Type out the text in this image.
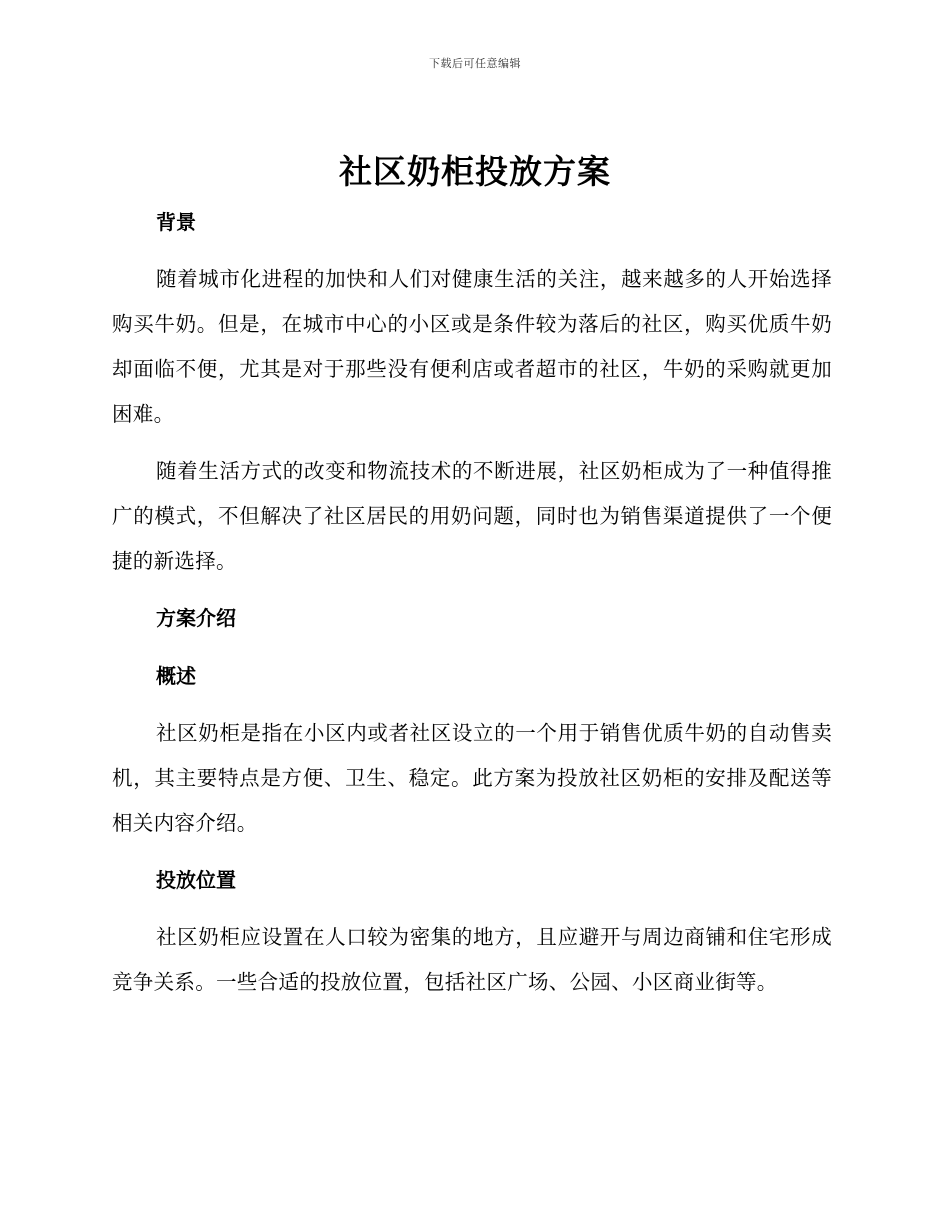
下载后可任意编辑
社区奶柜投放方案
背景

随着城市化进程的加快和人们对健康生活的关注，越来越多的人开始选择购买牛奶。但是，在城市中心的小区或是条件较为落后的社区，购买优质牛奶却面临不便，尤其是对于那些没有便利店或者超市的社区，牛奶的采购就更加困难。

随着生活方式的改变和物流技术的不断进展，社区奶柜成为了一种值得推广的模式，不但解决了社区居民的用奶问题，同时也为销售渠道提供了一个便捷的新选择。

方案介绍
概述

社区奶柜是指在小区内或者社区设立的一个用于销售优质牛奶的自动售卖机，其主要特点是方便、卫生、稳定。此方案为投放社区奶柜的安排及配送等相关内容介绍。

投放位置

社区奶柜应设置在人口较为密集的地方，且应避开与周边商铺和住宅形成竞争关系。一些合适的投放位置，包括社区广场、公园、小区商业街等。
